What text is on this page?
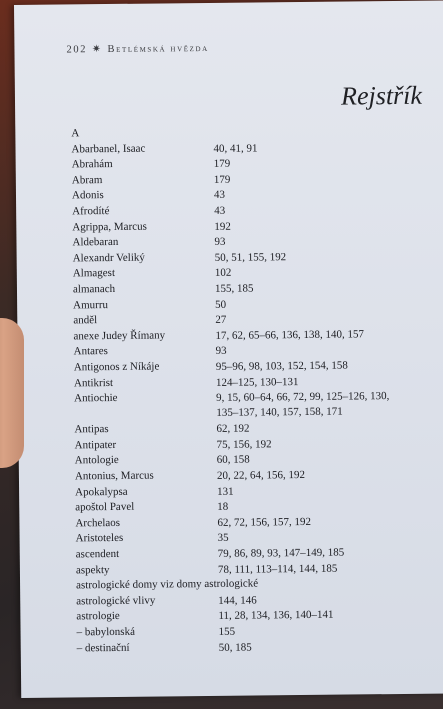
202 ✷ Betlémská hvězda
Rejstřík
A
Abarbanel, Isaac	40, 41, 91
Abrahám	179
Abram	179
Adonis	43
Afrodíté	43
Agrippa, Marcus	192
Aldebaran	93
Alexandr Veliký	50, 51, 155, 192
Almagest	102
almanach	155, 185
Amurru	50
anděl	27
anexe Judey Římany	17, 62, 65–66, 136, 138, 140, 157
Antares	93
Antigonos z Níkáje	95–96, 98, 103, 152, 154, 158
Antikrist	124–125, 130–131
Antiochie	9, 15, 60–64, 66, 72, 99, 125–126, 130, 135–137, 140, 157, 158, 171
Antipas	62, 192
Antipater	75, 156, 192
Antologie	60, 158
Antonius, Marcus	20, 22, 64, 156, 192
Apokalypsa	131
apoštol Pavel	18
Archelaos	62, 72, 156, 157, 192
Aristoteles	35
ascendent	79, 86, 89, 93, 147–149, 185
aspekty	78, 111, 113–114, 144, 185
astrologické domy viz domy astrologické
astrologické vlivy	144, 146
astrologie	11, 28, 134, 136, 140–141
– babylonská	155
– destinační	50, 185
